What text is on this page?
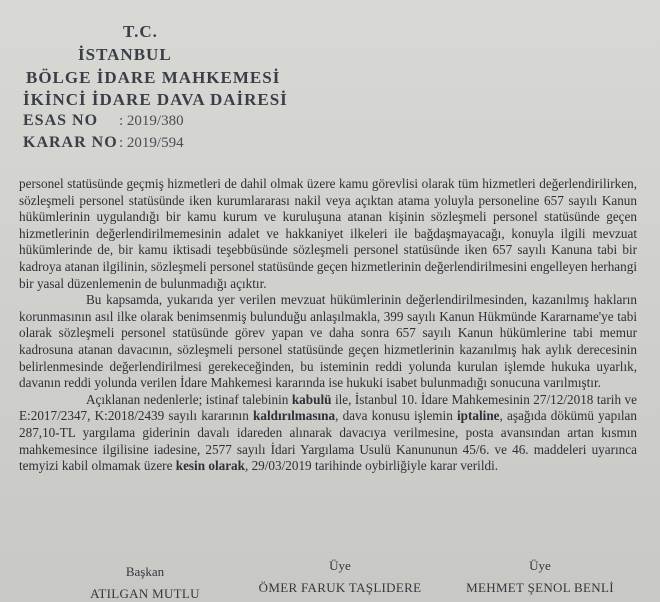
T.C.
İSTANBUL
BÖLGE İDARE MAHKEMESİ
İKİNCİ İDARE DAVA DAİRESİ
ESAS NO : 2019/380
KARAR NO : 2019/594

personel statüsünde geçmiş hizmetleri de dahil olmak üzere kamu görevlisi olarak tüm hizmetleri değerlendirilirken, sözleşmeli personel statüsünde iken kurumlararası nakil veya açıktan atama yoluyla personeline 657 sayılı Kanun hükümlerinin uygulandığı bir kamu kurum ve kuruluşuna atanan kişinin sözleşmeli personel statüsünde geçen hizmetlerinin değerlendirilmemesinin adalet ve hakkaniyet ilkeleri ile bağdaşmayacağı, konuyla ilgili mevzuat hükümlerinde de, bir kamu iktisadi teşebbüsünde sözleşmeli personel statüsünde iken 657 sayılı Kanuna tabi bir kadroya atanan ilgilinin, sözleşmeli personel statüsünde geçen hizmetlerinin değerlendirilmesini engelleyen herhangi bir yasal düzenlemenin de bulunmadığı açıktır.

Bu kapsamda, yukarıda yer verilen mevzuat hükümlerinin değerlendirilmesinden, kazanılmış hakların korunmasının asıl ilke olarak benimsenmiş bulunduğu anlaşılmakla, 399 sayılı Kanun Hükmünde Kararname'ye tabi olarak sözleşmeli personel statüsünde görev yapan ve daha sonra 657 sayılı Kanun hükümlerine tabi memur kadrosuna atanan davacının, sözleşmeli personel statüsünde geçen hizmetlerinin kazanılmış hak aylık derecesinin belirlenmesinde değerlendirilmesi gerekeceğinden, bu isteminin reddi yolunda kurulan işlemde hukuka uyarlık, davanın reddi yolunda verilen İdare Mahkemesi kararında ise hukuki isabet bulunmadığı sonucuna varılmıştır.

Açıklanan nedenlerle; istinaf talebinin kabulü ile, İstanbul 10. İdare Mahkemesinin 27/12/2018 tarih ve E:2017/2347, K:2018/2439 sayılı kararının kaldırılmasına, dava konusu işlemin iptaline, aşağıda dökümü yapılan 287,10-TL yargılama giderinin davalı idareden alınarak davacıya verilmesine, posta avansından artan kısmın mahkemesince ilgilisine iadesine, 2577 sayılı İdari Yargılama Usulü Kanununun 45/6. ve 46. maddeleri uyarınca temyizi kabil olmamak üzere kesin olarak, 29/03/2019 tarihinde oybirliğiyle karar verildi.

Başkan
ATILGAN MUTLU
Üye
ÖMER FARUK TAŞLIDERE
Üye
MEHMET ŞENOL BENLİ
